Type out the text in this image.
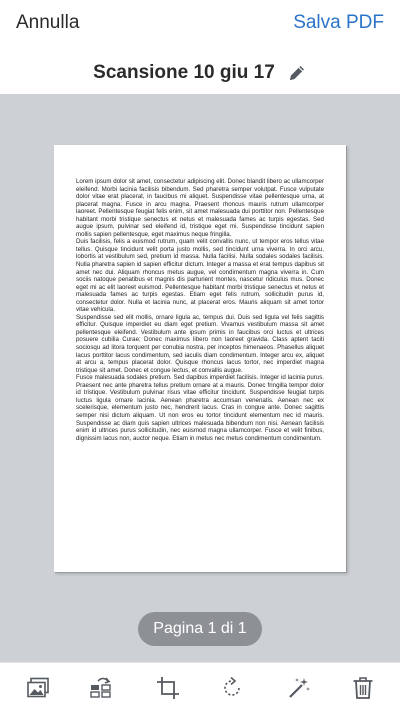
Annulla	Salva PDF
Scansione 10 giu 17

Lorem ipsum dolor sit amet, consectetur adipiscing elit. Donec blandit libero ac ullamcorper eleifend. Morbi lacinia facilisis bibendum. Sed pharetra semper volutpat. Fusce vulputate dolor vitae erat placerat, in faucibus mi aliquet. Suspendisse vitae pellentesque urna, at placerat magna. Fusce in arcu magna. Praesent rhoncus mauris rutrum ullamcorper laoreet. Pellentesque feugiat felis enim, sit amet malesuada dui porttitor non. Pellentesque habitant morbi tristique senectus et netus et malesuada fames ac turpis egestas. Sed augue ipsum, pulvinar sed eleifend id, tristique eget mi. Suspendisse tincidunt sapien mollis sapien pellentesque, eget maximus neque fringilla.

Duis facilisis, felis a euismod rutrum, quam velit convallis nunc, ut tempor eros tellus vitae tellus. Quisque tincidunt velit porta justo mollis, sed tincidunt urna viverra. In orci arcu, lobortis at vestibulum sed, pretium id massa. Nulla facilisi. Nulla sodales sodales facilisis. Nulla pharetra sapien id sapien efficitur dictum. Integer a massa et erat tempus dapibus sit amet nec dui. Aliquam rhoncus metus augue, vel condimentum magna viverra in. Cum sociis natoque penatibus et magnis dis parturient montes, nascetur ridiculus mus. Donec eget mi ac elit laoreet euismod. Pellentesque habitant morbi tristique senectus et netus et malesuada fames ac turpis egestas. Etiam eget felis rutrum, sollicitudin purus id, consectetur dolor. Nulla et lacinia nunc, at placerat eros. Mauris aliquam sit amet tortor vitae vehicula.

Suspendisse sed elit mollis, ornare ligula ac, tempus dui. Duis sed ligula vel felis sagittis efficitur. Quisque imperdiet eu diam eget pretium. Vivamus vestibulum massa sit amet pellentesque eleifend. Vestibulum ante ipsum primis in faucibus orci luctus et ultrices posuere cubilia Curae; Donec maximus libero non laoreet gravida. Class aptent taciti sociosqu ad litora torquent per conubia nostra, per inceptos himenaeos. Phasellus aliquet lacus porttitor lacus condimentum, sed iaculis diam condimentum. Integer arcu ex, aliquet at arcu a, tempus placerat dolor. Quisque rhoncus lacus tortor, nec imperdiet magna tristique sit amet. Donec et congue lectus, et convallis augue.

Fusce malesuada sodales pretium. Sed dapibus imperdiet facilisis. Integer id lacinia purus. Praesent nec ante pharetra tellus pretium ornare at a mauris. Donec fringilla tempor dolor id tristique. Vestibulum pulvinar risus vitae efficitur tincidunt. Suspendisse feugiat turpis luctus ligula ornare lacinia. Aenean pharetra accumsan venenatis. Aenean nec ex scelerisque, elementum justo nec, hendrerit lacus. Cras in congue ante. Donec sagittis semper nisi dictum aliquam. Ut non eros eu tortor tincidunt elementum nec id mauris. Suspendisse ac diam quis sapien ultrices malesuada bibendum non nisi. Aenean facilisis enim id ultrices purus sollicitudin, nec euismod magna ullamcorper. Fusce et velit finibus, dignissim lacus non, auctor neque. Etiam in metus nec metus condimentum condimentum.

Pagina 1 di 1
